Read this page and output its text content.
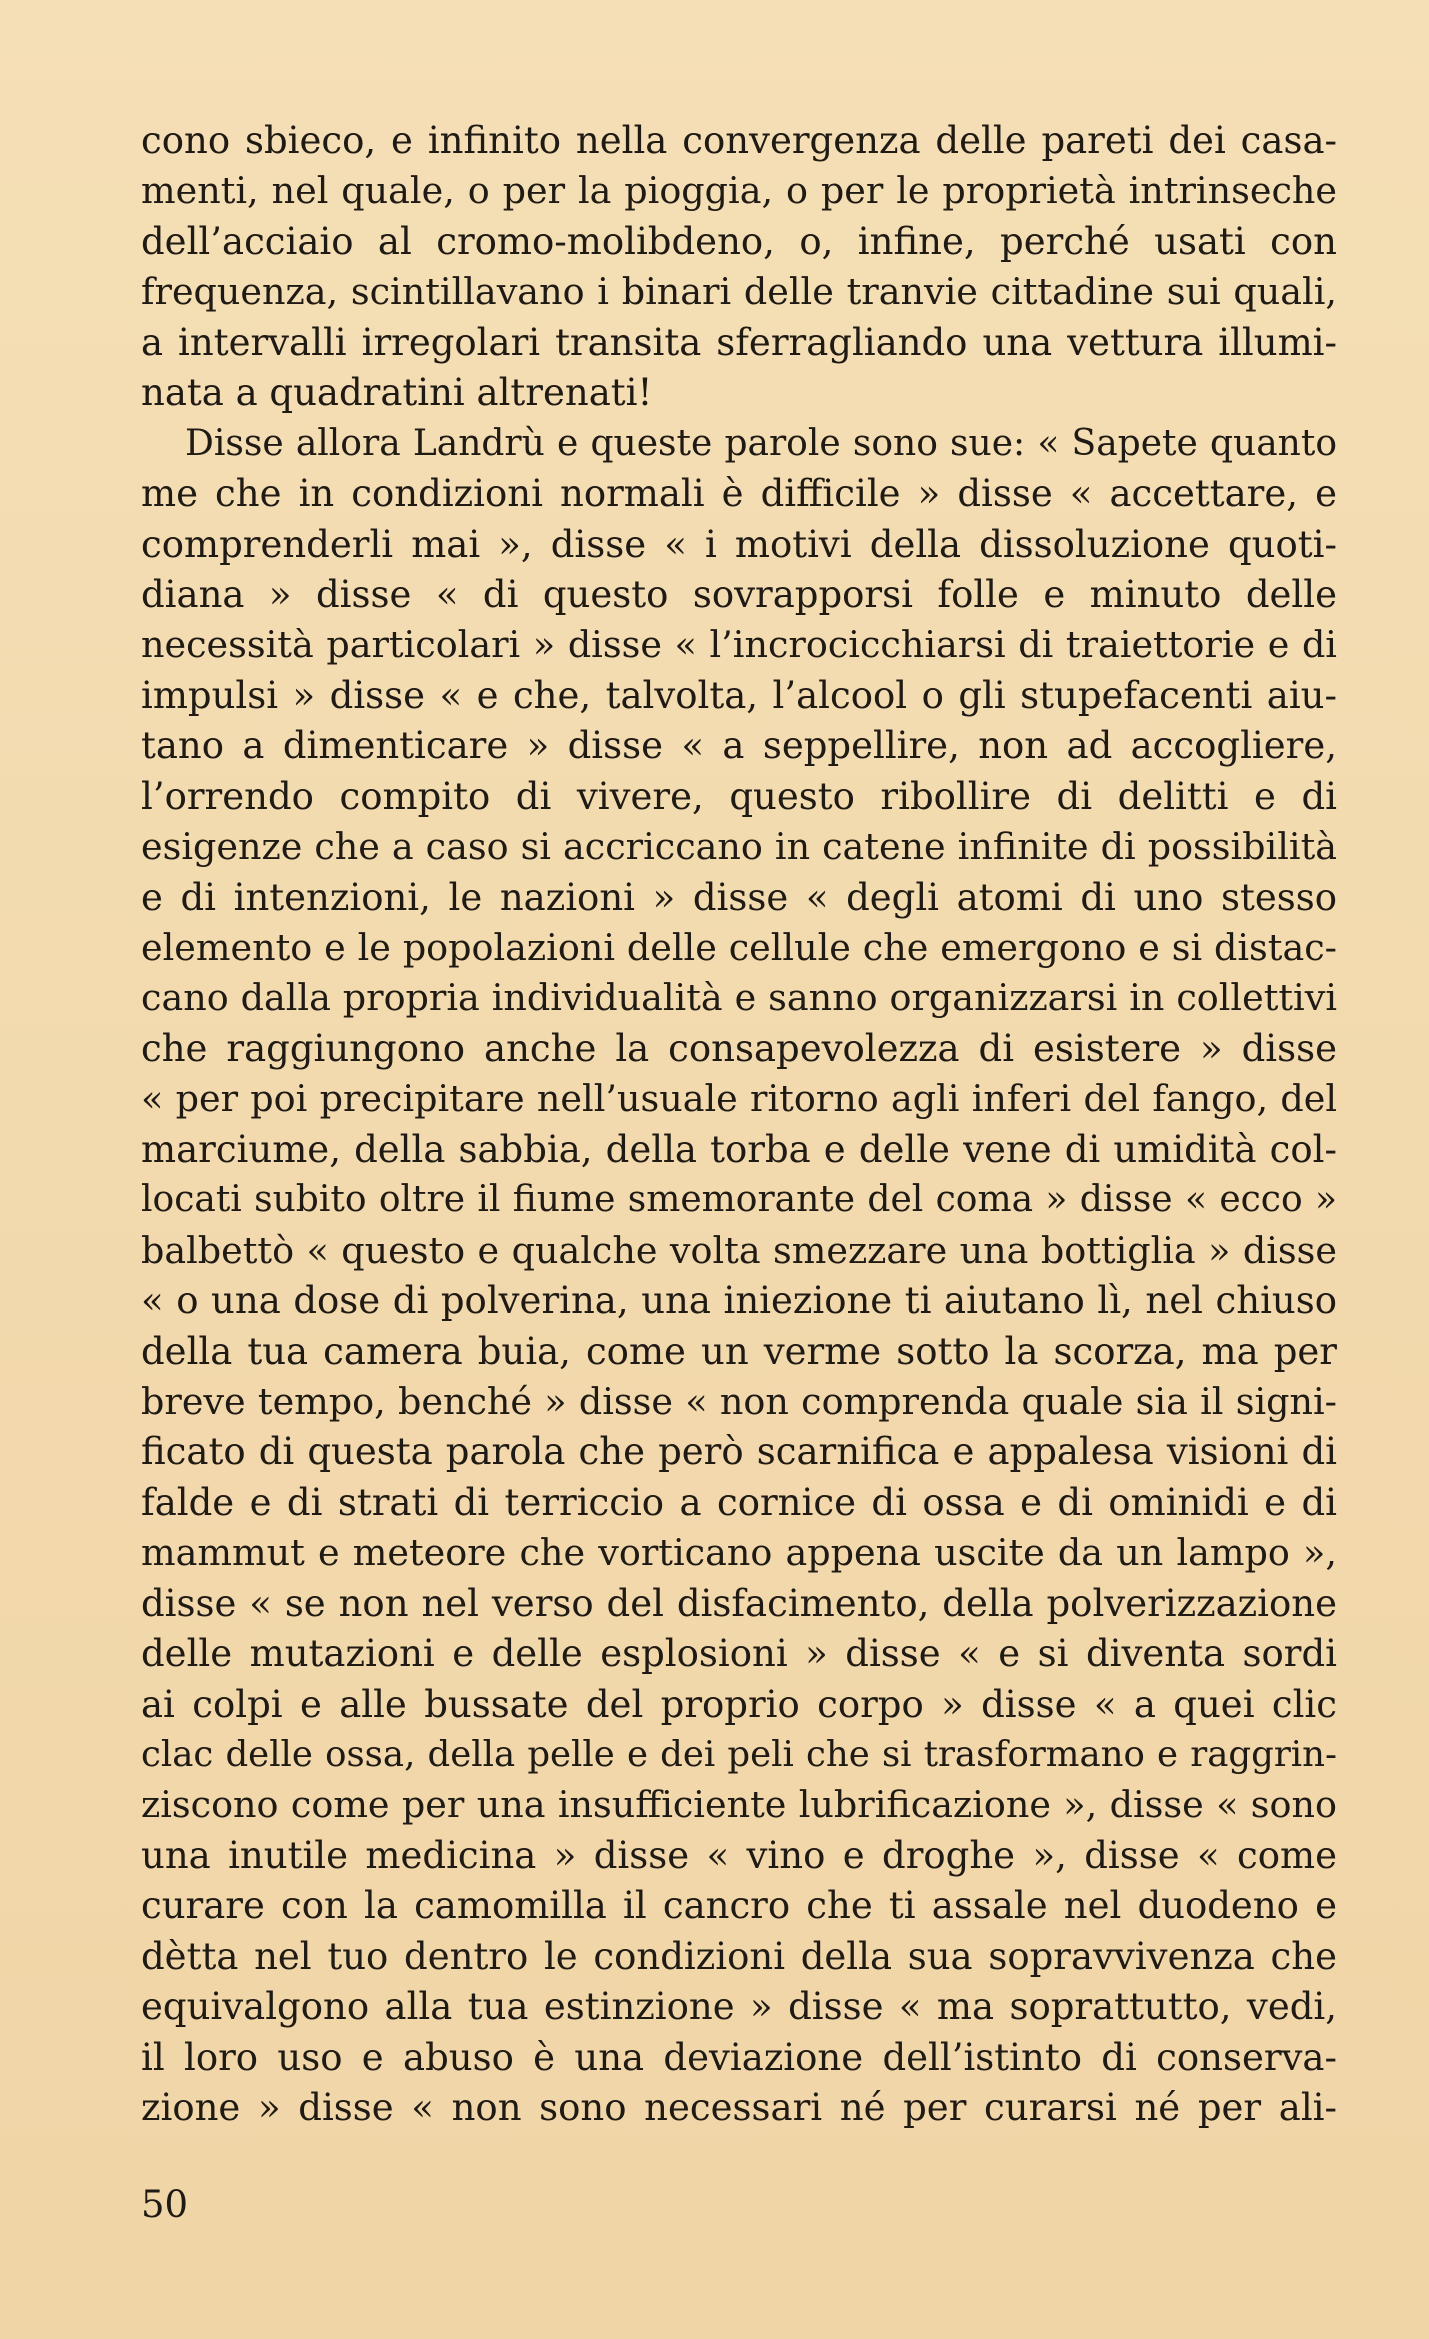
cono sbieco, e infinito nella convergenza delle pareti dei casa-
menti, nel quale, o per la pioggia, o per le proprietà intrinseche
dell’acciaio al cromo-molibdeno, o, infine, perché usati con
frequenza, scintillavano i binari delle tranvie cittadine sui quali,
a intervalli irregolari transita sferragliando una vettura illumi-
nata a quadratini altrenati!
Disse allora Landrù e queste parole sono sue: « Sapete quanto
me che in condizioni normali è difficile » disse « accettare, e
comprenderli mai », disse « i motivi della dissoluzione quoti-
diana » disse « di questo sovrapporsi folle e minuto delle
necessità particolari » disse « l’incrocicchiarsi di traiettorie e di
impulsi » disse « e che, talvolta, l’alcool o gli stupefacenti aiu-
tano a dimenticare » disse « a seppellire, non ad accogliere,
l’orrendo compito di vivere, questo ribollire di delitti e di
esigenze che a caso si accriccano in catene infinite di possibilità
e di intenzioni, le nazioni » disse « degli atomi di uno stesso
elemento e le popolazioni delle cellule che emergono e si distac-
cano dalla propria individualità e sanno organizzarsi in collettivi
che raggiungono anche la consapevolezza di esistere » disse
« per poi precipitare nell’usuale ritorno agli inferi del fango, del
marciume, della sabbia, della torba e delle vene di umidità col-
locati subito oltre il fiume smemorante del coma » disse « ecco »
balbettò « questo e qualche volta smezzare una bottiglia » disse
« o una dose di polverina, una iniezione ti aiutano lì, nel chiuso
della tua camera buia, come un verme sotto la scorza, ma per
breve tempo, benché » disse « non comprenda quale sia il signi-
ficato di questa parola che però scarnifica e appalesa visioni di
falde e di strati di terriccio a cornice di ossa e di ominidi e di
mammut e meteore che vorticano appena uscite da un lampo »,
disse « se non nel verso del disfacimento, della polverizzazione
delle mutazioni e delle esplosioni » disse « e si diventa sordi
ai colpi e alle bussate del proprio corpo » disse « a quei clic
clac delle ossa, della pelle e dei peli che si trasformano e raggrin-
ziscono come per una insufficiente lubrificazione », disse « sono
una inutile medicina » disse « vino e droghe », disse « come
curare con la camomilla il cancro che ti assale nel duodeno e
dètta nel tuo dentro le condizioni della sua sopravvivenza che
equivalgono alla tua estinzione » disse « ma soprattutto, vedi,
il loro uso e abuso è una deviazione dell’istinto di conserva-
zione » disse « non sono necessari né per curarsi né per ali-
50
